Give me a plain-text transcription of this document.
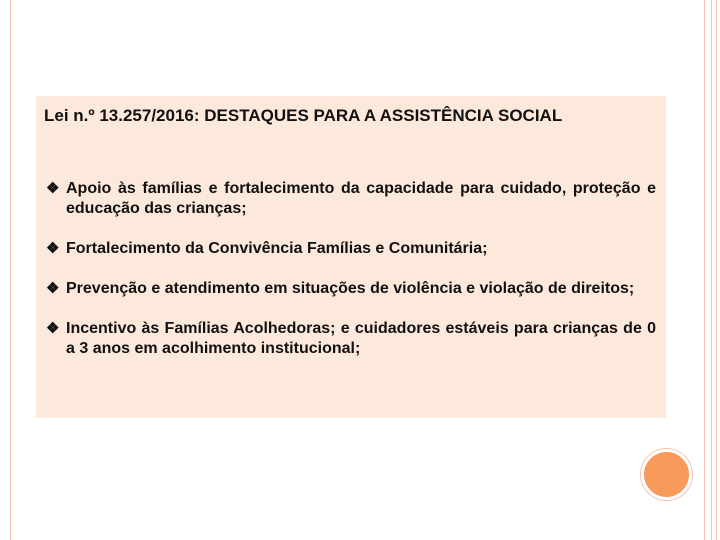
Lei n.º 13.257/2016: DESTAQUES PARA A ASSISTÊNCIA SOCIAL
❖ Apoio às famílias e fortalecimento da capacidade para cuidado, proteção e educação das crianças;
❖ Fortalecimento da Convivência Famílias e Comunitária;
❖ Prevenção e atendimento em situações de violência e violação de direitos;
❖ Incentivo às Famílias Acolhedoras; e cuidadores estáveis para crianças de 0 a 3 anos em acolhimento institucional;
